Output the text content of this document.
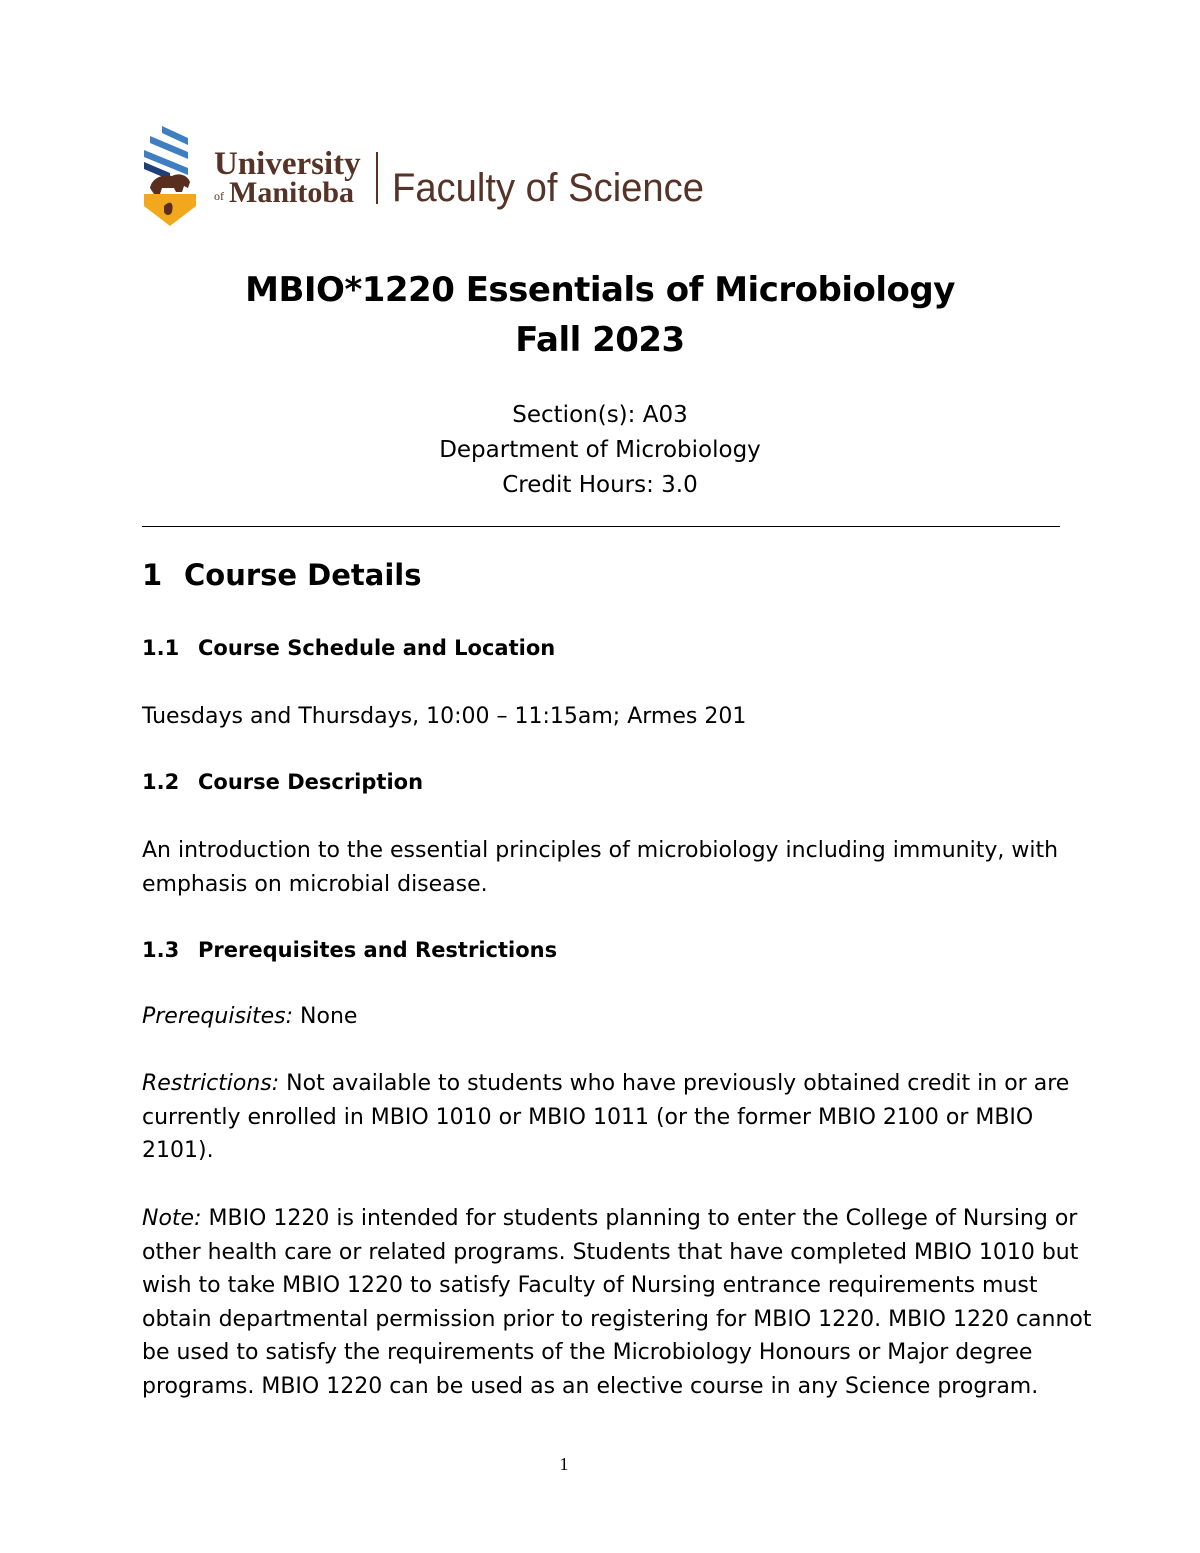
University
of Manitoba Faculty of Science
MBIO*1220 Essentials of Microbiology
Fall 2023
Section(s): A03
Department of Microbiology
Credit Hours: 3.0
1 Course Details
1.1 Course Schedule and Location
Tuesdays and Thursdays, 10:00 – 11:15am; Armes 201
1.2 Course Description
An introduction to the essential principles of microbiology including immunity, with
emphasis on microbial disease.
1.3 Prerequisites and Restrictions
Prerequisites: None
Restrictions: Not available to students who have previously obtained credit in or are
currently enrolled in MBIO 1010 or MBIO 1011 (or the former MBIO 2100 or MBIO
2101).
Note: MBIO 1220 is intended for students planning to enter the College of Nursing or
other health care or related programs. Students that have completed MBIO 1010 but
wish to take MBIO 1220 to satisfy Faculty of Nursing entrance requirements must
obtain departmental permission prior to registering for MBIO 1220. MBIO 1220 cannot
be used to satisfy the requirements of the Microbiology Honours or Major degree
programs. MBIO 1220 can be used as an elective course in any Science program.
1
